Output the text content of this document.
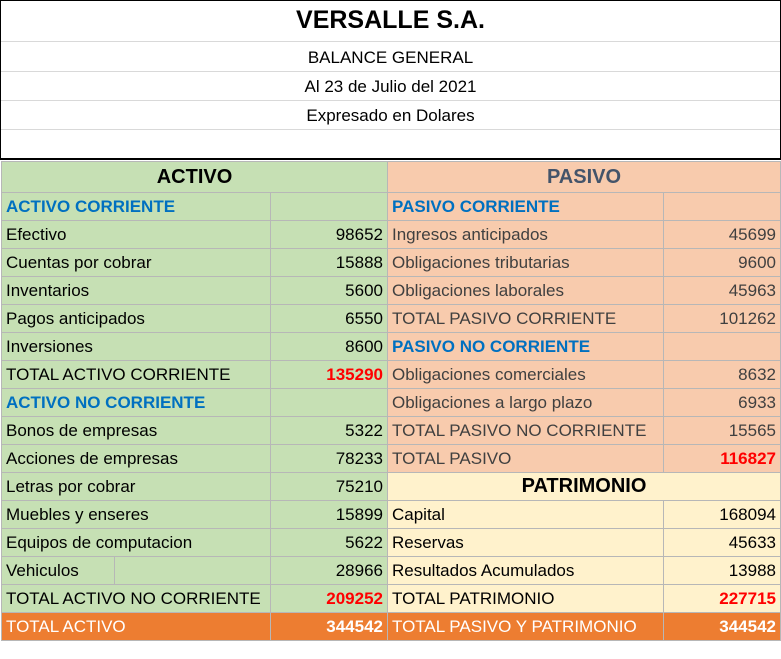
VERSALLE S.A.
BALANCE GENERAL
Al 23 de Julio del 2021
Expresado en Dolares
ACTIVO		PASIVO	
ACTIVO CORRIENTE		PASIVO CORRIENTE	
Efectivo	98652	Ingresos anticipados	45699
Cuentas por cobrar	15888	Obligaciones tributarias	9600
Inventarios	5600	Obligaciones laborales	45963
Pagos anticipados	6550	TOTAL PASIVO CORRIENTE	101262
Inversiones	8600	PASIVO NO CORRIENTE	
TOTAL ACTIVO CORRIENTE	135290	Obligaciones comerciales	8632
ACTIVO NO CORRIENTE		Obligaciones a largo plazo	6933
Bonos de empresas	5322	TOTAL PASIVO NO CORRIENTE	15565
Acciones de empresas	78233	TOTAL PASIVO	116827
Letras por cobrar	75210	PATRIMONIO	
Muebles y enseres	15899	Capital	168094
Equipos de computacion	5622	Reservas	45633

Vehiculos	28966	Resultados Acumulados	13988
TOTAL ACTIVO NO CORRIENTE	209252	TOTAL PATRIMONIO	227715
TOTAL ACTIVO	344542	TOTAL PASIVO Y PATRIMONIO	344542
